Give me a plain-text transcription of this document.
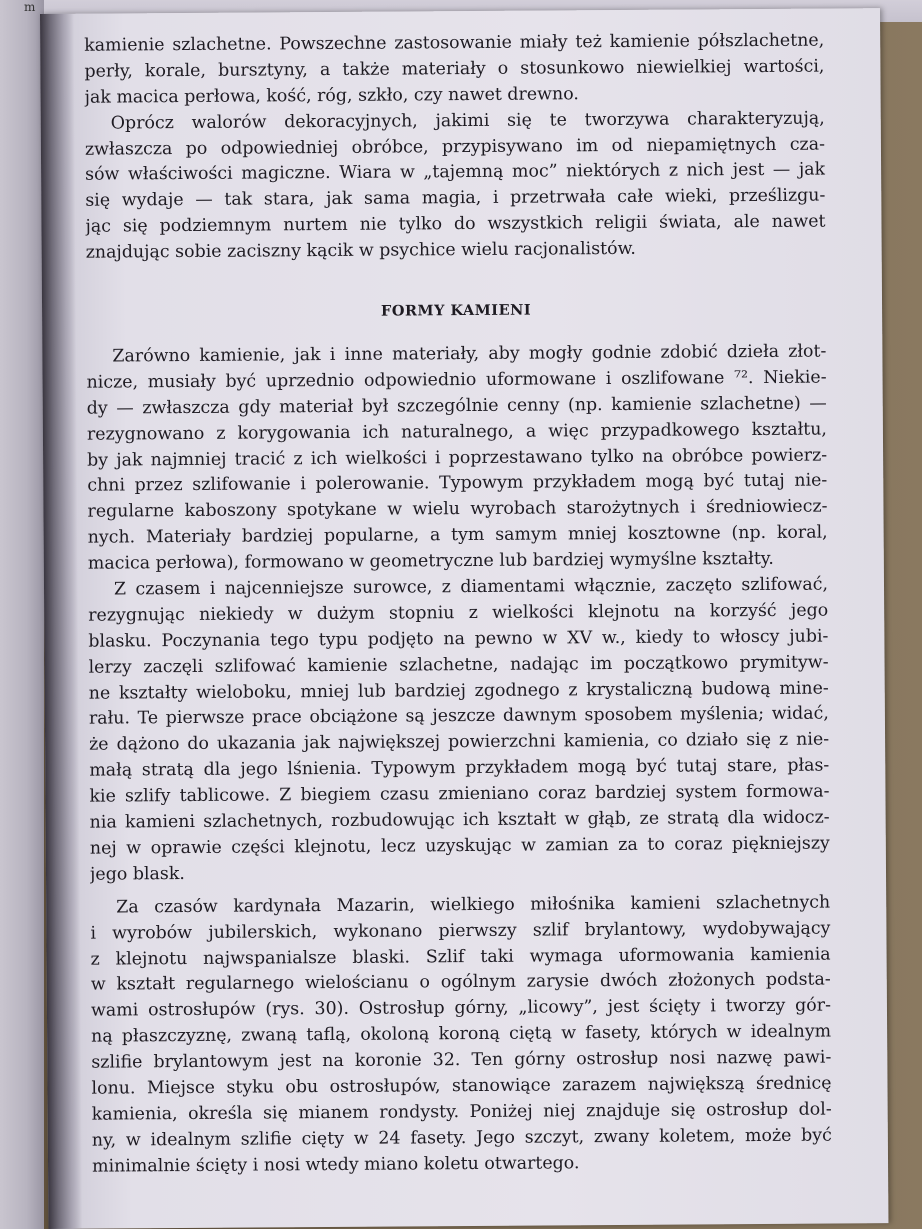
m
kamienie szlachetne. Powszechne zastosowanie miały też kamienie półszlachetne,
perły, korale, bursztyny, a także materiały o stosunkowo niewielkiej wartości,
jak macica perłowa, kość, róg, szkło, czy nawet drewno.
Oprócz walorów dekoracyjnych, jakimi się te tworzywa charakteryzują,
zwłaszcza po odpowiedniej obróbce, przypisywano im od niepamiętnych cza-
sów właściwości magiczne. Wiara w „tajemną moc” niektórych z nich jest — jak
się wydaje — tak stara, jak sama magia, i przetrwała całe wieki, prześlizgu-
jąc się podziemnym nurtem nie tylko do wszystkich religii świata, ale nawet
znajdując sobie zaciszny kącik w psychice wielu racjonalistów.
FORMY KAMIENI
Zarówno kamienie, jak i inne materiały, aby mogły godnie zdobić dzieła złot-
nicze, musiały być uprzednio odpowiednio uformowane i oszlifowane ⁷². Niekie-
dy — zwłaszcza gdy materiał był szczególnie cenny (np. kamienie szlachetne) —
rezygnowano z korygowania ich naturalnego, a więc przypadkowego kształtu,
by jak najmniej tracić z ich wielkości i poprzestawano tylko na obróbce powierz-
chni przez szlifowanie i polerowanie. Typowym przykładem mogą być tutaj nie-
regularne kaboszony spotykane w wielu wyrobach starożytnych i średniowiecz-
nych. Materiały bardziej popularne, a tym samym mniej kosztowne (np. koral,
macica perłowa), formowano w geometryczne lub bardziej wymyślne kształty.
Z czasem i najcenniejsze surowce, z diamentami włącznie, zaczęto szlifować,
rezygnując niekiedy w dużym stopniu z wielkości klejnotu na korzyść jego
blasku. Poczynania tego typu podjęto na pewno w XV w., kiedy to włoscy jubi-
lerzy zaczęli szlifować kamienie szlachetne, nadając im początkowo prymityw-
ne kształty wieloboku, mniej lub bardziej zgodnego z krystaliczną budową mine-
rału. Te pierwsze prace obciążone są jeszcze dawnym sposobem myślenia; widać,
że dążono do ukazania jak największej powierzchni kamienia, co działo się z nie-
małą stratą dla jego lśnienia. Typowym przykładem mogą być tutaj stare, płas-
kie szlify tablicowe. Z biegiem czasu zmieniano coraz bardziej system formowa-
nia kamieni szlachetnych, rozbudowując ich kształt w głąb, ze stratą dla widocz-
nej w oprawie części klejnotu, lecz uzyskując w zamian za to coraz piękniejszy
jego blask.
Za czasów kardynała Mazarin, wielkiego miłośnika kamieni szlachetnych
i wyrobów jubilerskich, wykonano pierwszy szlif brylantowy, wydobywający
z klejnotu najwspanialsze blaski. Szlif taki wymaga uformowania kamienia
w kształt regularnego wielościanu o ogólnym zarysie dwóch złożonych podsta-
wami ostrosłupów (rys. 30). Ostrosłup górny, „licowy”, jest ścięty i tworzy gór-
ną płaszczyznę, zwaną taflą, okoloną koroną ciętą w fasety, których w idealnym
szlifie brylantowym jest na koronie 32. Ten górny ostrosłup nosi nazwę pawi-
lonu. Miejsce styku obu ostrosłupów, stanowiące zarazem największą średnicę
kamienia, określa się mianem rondysty. Poniżej niej znajduje się ostrosłup dol-
ny, w idealnym szlifie cięty w 24 fasety. Jego szczyt, zwany koletem, może być
minimalnie ścięty i nosi wtedy miano koletu otwartego.
